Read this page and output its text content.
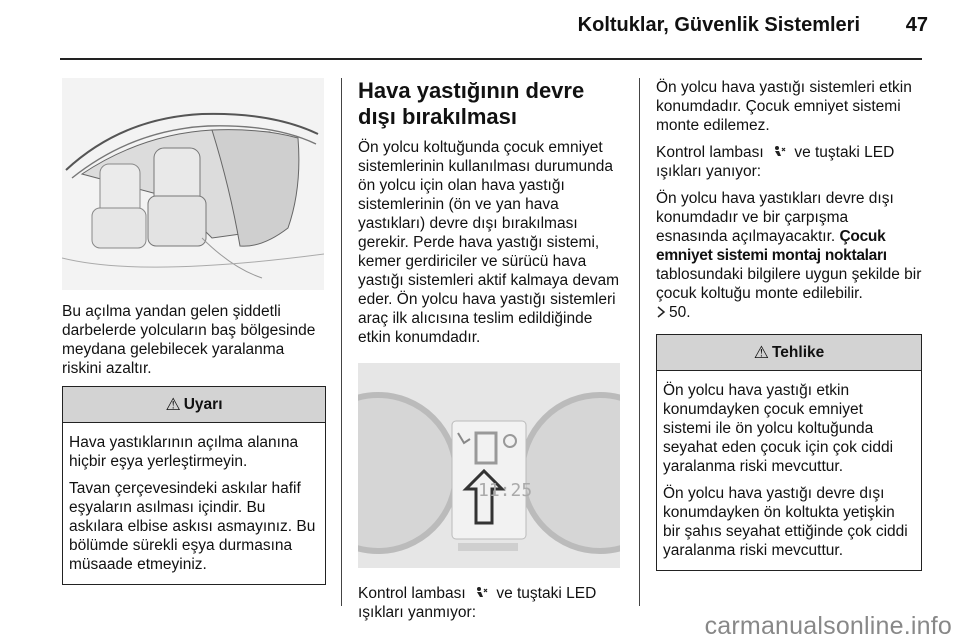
Koltuklar, Güvenlik Sistemleri	47

Bu açılma yandan gelen şiddetli darbelerde yolcuların baş bölgesinde meydana gelebilecek yaralanma riskini azaltır.

⚠ Uyarı

Hava yastıklarının açılma alanına hiçbir eşya yerleştirmeyin.

Tavan çerçevesindeki askılar hafif eşyaların asılması içindir. Bu askılara elbise askısı asmayınız. Bu bölümde sürekli eşya durmasına müsaade etmeyiniz.

Hava yastığının devre dışı bırakılması

Ön yolcu koltuğunda çocuk emniyet sistemlerinin kullanılması durumunda ön yolcu için olan hava yastığı sistemlerinin (ön ve yan hava yastıkları) devre dışı bırakılması gerekir. Perde hava yastığı sistemi, kemer gerdiriciler ve sürücü hava yastığı sistemleri aktif kalmaya devam eder. Ön yolcu hava yastığı sistemleri araç ilk alıcısına teslim edildiğinde etkin konumdadır.

11:25

Kontrol lambası ve tuştaki LED ışıkları yanmıyor:

Ön yolcu hava yastığı sistemleri etkin konumdadır. Çocuk emniyet sistemi monte edilemez.

Kontrol lambası ve tuştaki LED ışıkları yanıyor:

Ön yolcu hava yastıkları devre dışı konumdadır ve bir çarpışma esnasında açılmayacaktır. Çocuk emniyet sistemi montaj noktaları tablosundaki bilgilere uygun şekilde bir çocuk koltuğu monte edilebilir.
50.

⚠ Tehlike

Ön yolcu hava yastığı etkin konumdayken çocuk emniyet sistemi ile ön yolcu koltuğunda seyahat eden çocuk için çok ciddi yaralanma riski mevcuttur.

Ön yolcu hava yastığı devre dışı konumdayken ön koltukta yetişkin bir şahıs seyahat ettiğinde çok ciddi yaralanma riski mevcuttur.

carmanualsonline.info
